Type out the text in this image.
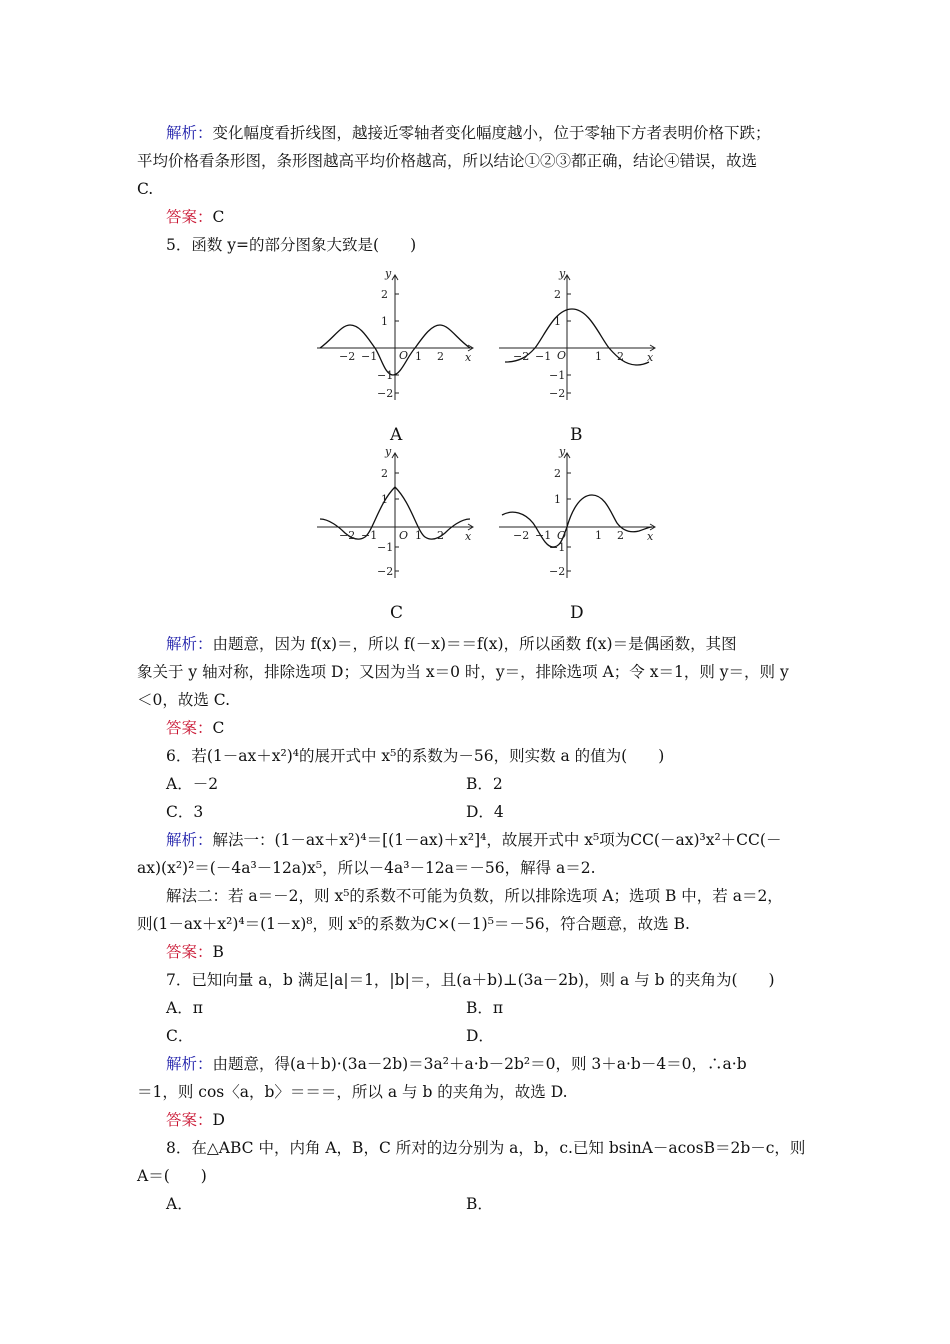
解析：变化幅度看折线图，越接近零轴者变化幅度越小，位于零轴下方者表明价格下跌；
平均价格看条形图，条形图越高平均价格越高，所以结论①②③都正确，结论④错误，故选
C.
答案：C
5．函数 y=的部分图象大致是(　　)
y
2
1
−1
−2
x
−2 −1 O 1 2
A
y
2
1
−1
−2
x
−2 −1 O	1 2
B
y
2
1
−1
−2
x
−2 −1 O 1 2
C
y
2
1
−1
−2
x
−2 −1 O	1 2
D
解析：由题意，因为 f(x)＝，所以 f(－x)＝＝f(x)，所以函数 f(x)＝是偶函数，其图
象关于 y 轴对称，排除选项 D；又因为当 x＝0 时，y＝，排除选项 A；令 x＝1，则 y＝，则 y
＜0，故选 C.
答案：C
6．若(1－ax＋x²)⁴的展开式中 x⁵的系数为－56，则实数 a 的值为(　　)
A．－2	B．2
C．3	D．4
解析：解法一：(1－ax＋x²)⁴＝[(1－ax)＋x²]⁴，故展开式中 x⁵项为CC(－ax)³x²＋CC(－
ax)(x²)²＝(－4a³－12a)x⁵，所以－4a³－12a＝－56，解得 a＝2.
解法二：若 a＝－2，则 x⁵的系数不可能为负数，所以排除选项 A；选项 B 中，若 a＝2，
则(1－ax＋x²)⁴＝(1－x)⁸，则 x⁵的系数为C×(－1)⁵＝－56，符合题意，故选 B.
答案：B
7．已知向量 a，b 满足|a|＝1，|b|＝，且(a＋b)⊥(3a－2b)，则 a 与 b 的夹角为(　　)
A．π	B．π
C．	D．
解析：由题意，得(a＋b)·(3a－2b)＝3a²＋a·b－2b²＝0，则 3＋a·b－4＝0，∴a·b
＝1，则 cos〈a，b〉＝＝＝，所以 a 与 b 的夹角为，故选 D.
答案：D
8．在△ABC 中，内角 A，B，C 所对的边分别为 a，b，c.已知 bsinA－acosB＝2b－c，则
A＝(　　)
A．	B．
